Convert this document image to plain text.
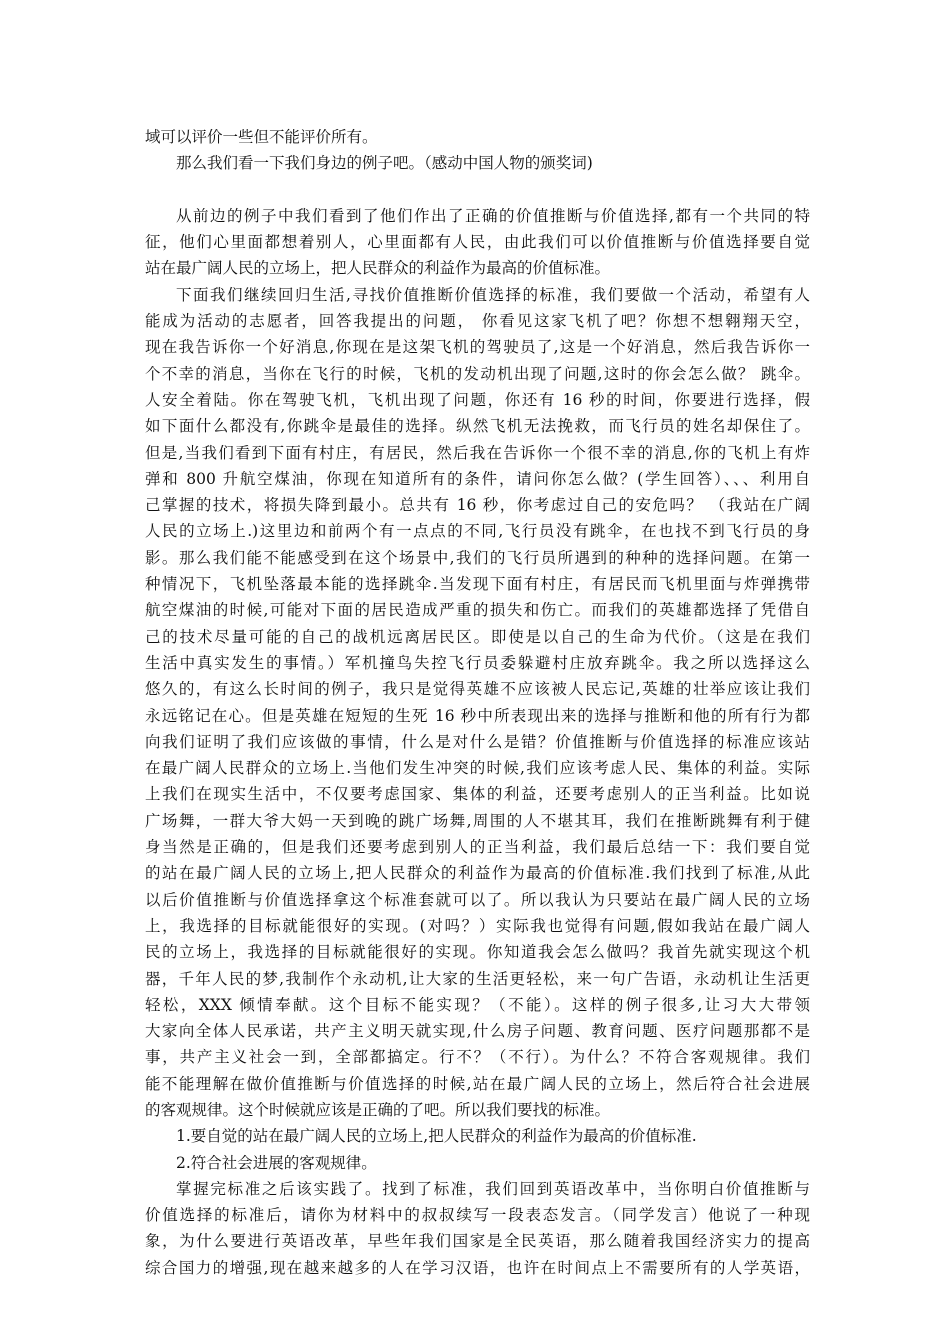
域可以评价一些但不能评价所有。
那么我们看一下我们身边的例子吧。（感动中国人物的颁奖词)
从前边的例子中我们看到了他们作出了正确的价值推断与价值选择,都有一个共同的特
征，他们心里面都想着别人，心里面都有人民，由此我们可以价值推断与价值选择要自觉
站在最广阔人民的立场上，把人民群众的利益作为最高的价值标准。
下面我们继续回归生活,寻找价值推断价值选择的标准，我们要做一个活动，希望有人
能成为活动的志愿者，回答我提出的问题， 你看见这家飞机了吧？你想不想翱翔天空，
现在我告诉你一个好消息,你现在是这架飞机的驾驶员了,这是一个好消息，然后我告诉你一
个不幸的消息，当你在飞行的时候，飞机的发动机出现了问题,这时的你会怎么做？ 跳伞。
人安全着陆。你在驾驶飞机，飞机出现了问题，你还有 16 秒的时间，你要进行选择，假
如下面什么都没有,你跳伞是最佳的选择。纵然飞机无法挽救，而飞行员的姓名却保住了。
但是,当我们看到下面有村庄，有居民，然后我在告诉你一个很不幸的消息,你的飞机上有炸
弹和 800 升航空煤油，你现在知道所有的条件，请问你怎么做？(学生回答）、、、利用自
己掌握的技术，将损失降到最小。总共有 16 秒，你考虑过自己的安危吗？ （我站在广阔
人民的立场上.)这里边和前两个有一点点的不同,飞行员没有跳伞，在也找不到飞行员的身
影。那么我们能不能感受到在这个场景中,我们的飞行员所遇到的种种的选择问题。在第一
种情况下，飞机坠落最本能的选择跳伞.当发现下面有村庄，有居民而飞机里面与炸弹携带
航空煤油的时候,可能对下面的居民造成严重的损失和伤亡。而我们的英雄都选择了凭借自
己的技术尽量可能的自己的战机远离居民区。即使是以自己的生命为代价。（这是在我们
生活中真实发生的事情。）军机撞鸟失控飞行员委躲避村庄放弃跳伞。我之所以选择这么
悠久的，有这么长时间的例子，我只是觉得英雄不应该被人民忘记,英雄的壮举应该让我们
永远铭记在心。但是英雄在短短的生死 16 秒中所表现出来的选择与推断和他的所有行为都
向我们证明了我们应该做的事情，什么是对什么是错？价值推断与价值选择的标准应该站
在最广阔人民群众的立场上.当他们发生冲突的时候,我们应该考虑人民、集体的利益。实际
上我们在现实生活中，不仅要考虑国家、集体的利益，还要考虑别人的正当利益。比如说
广场舞，一群大爷大妈一天到晚的跳广场舞,周围的人不堪其耳，我们在推断跳舞有利于健
身当然是正确的，但是我们还要考虑到别人的正当利益，我们最后总结一下：我们要自觉
的站在最广阔人民的立场上,把人民群众的利益作为最高的价值标准.我们找到了标准,从此
以后价值推断与价值选择拿这个标准套就可以了。所以我认为只要站在最广阔人民的立场
上，我选择的目标就能很好的实现。(对吗？）实际我也觉得有问题,假如我站在最广阔人
民的立场上，我选择的目标就能很好的实现。你知道我会怎么做吗？我首先就实现这个机
器，千年人民的梦,我制作个永动机,让大家的生活更轻松，来一句广告语，永动机让生活更
轻松，XXX 倾情奉献。这个目标不能实现？（不能）。这样的例子很多,让习大大带领
大家向全体人民承诺，共产主义明天就实现,什么房子问题、教育问题、医疗问题那都不是
事，共产主义社会一到，全部都搞定。行不？（不行）。为什么？不符合客观规律。我们
能不能理解在做价值推断与价值选择的时候,站在最广阔人民的立场上，然后符合社会进展
的客观规律。这个时候就应该是正确的了吧。所以我们要找的标准。
1.要自觉的站在最广阔人民的立场上,把人民群众的利益作为最高的价值标准.
2.符合社会进展的客观规律。
掌握完标准之后该实践了。找到了标准，我们回到英语改革中，当你明白价值推断与
价值选择的标准后，请你为材料中的叔叔续写一段表态发言。（同学发言）他说了一种现
象，为什么要进行英语改革，早些年我们国家是全民英语，那么随着我国经济实力的提高
综合国力的增强,现在越来越多的人在学习汉语，也许在时间点上不需要所有的人学英语，
